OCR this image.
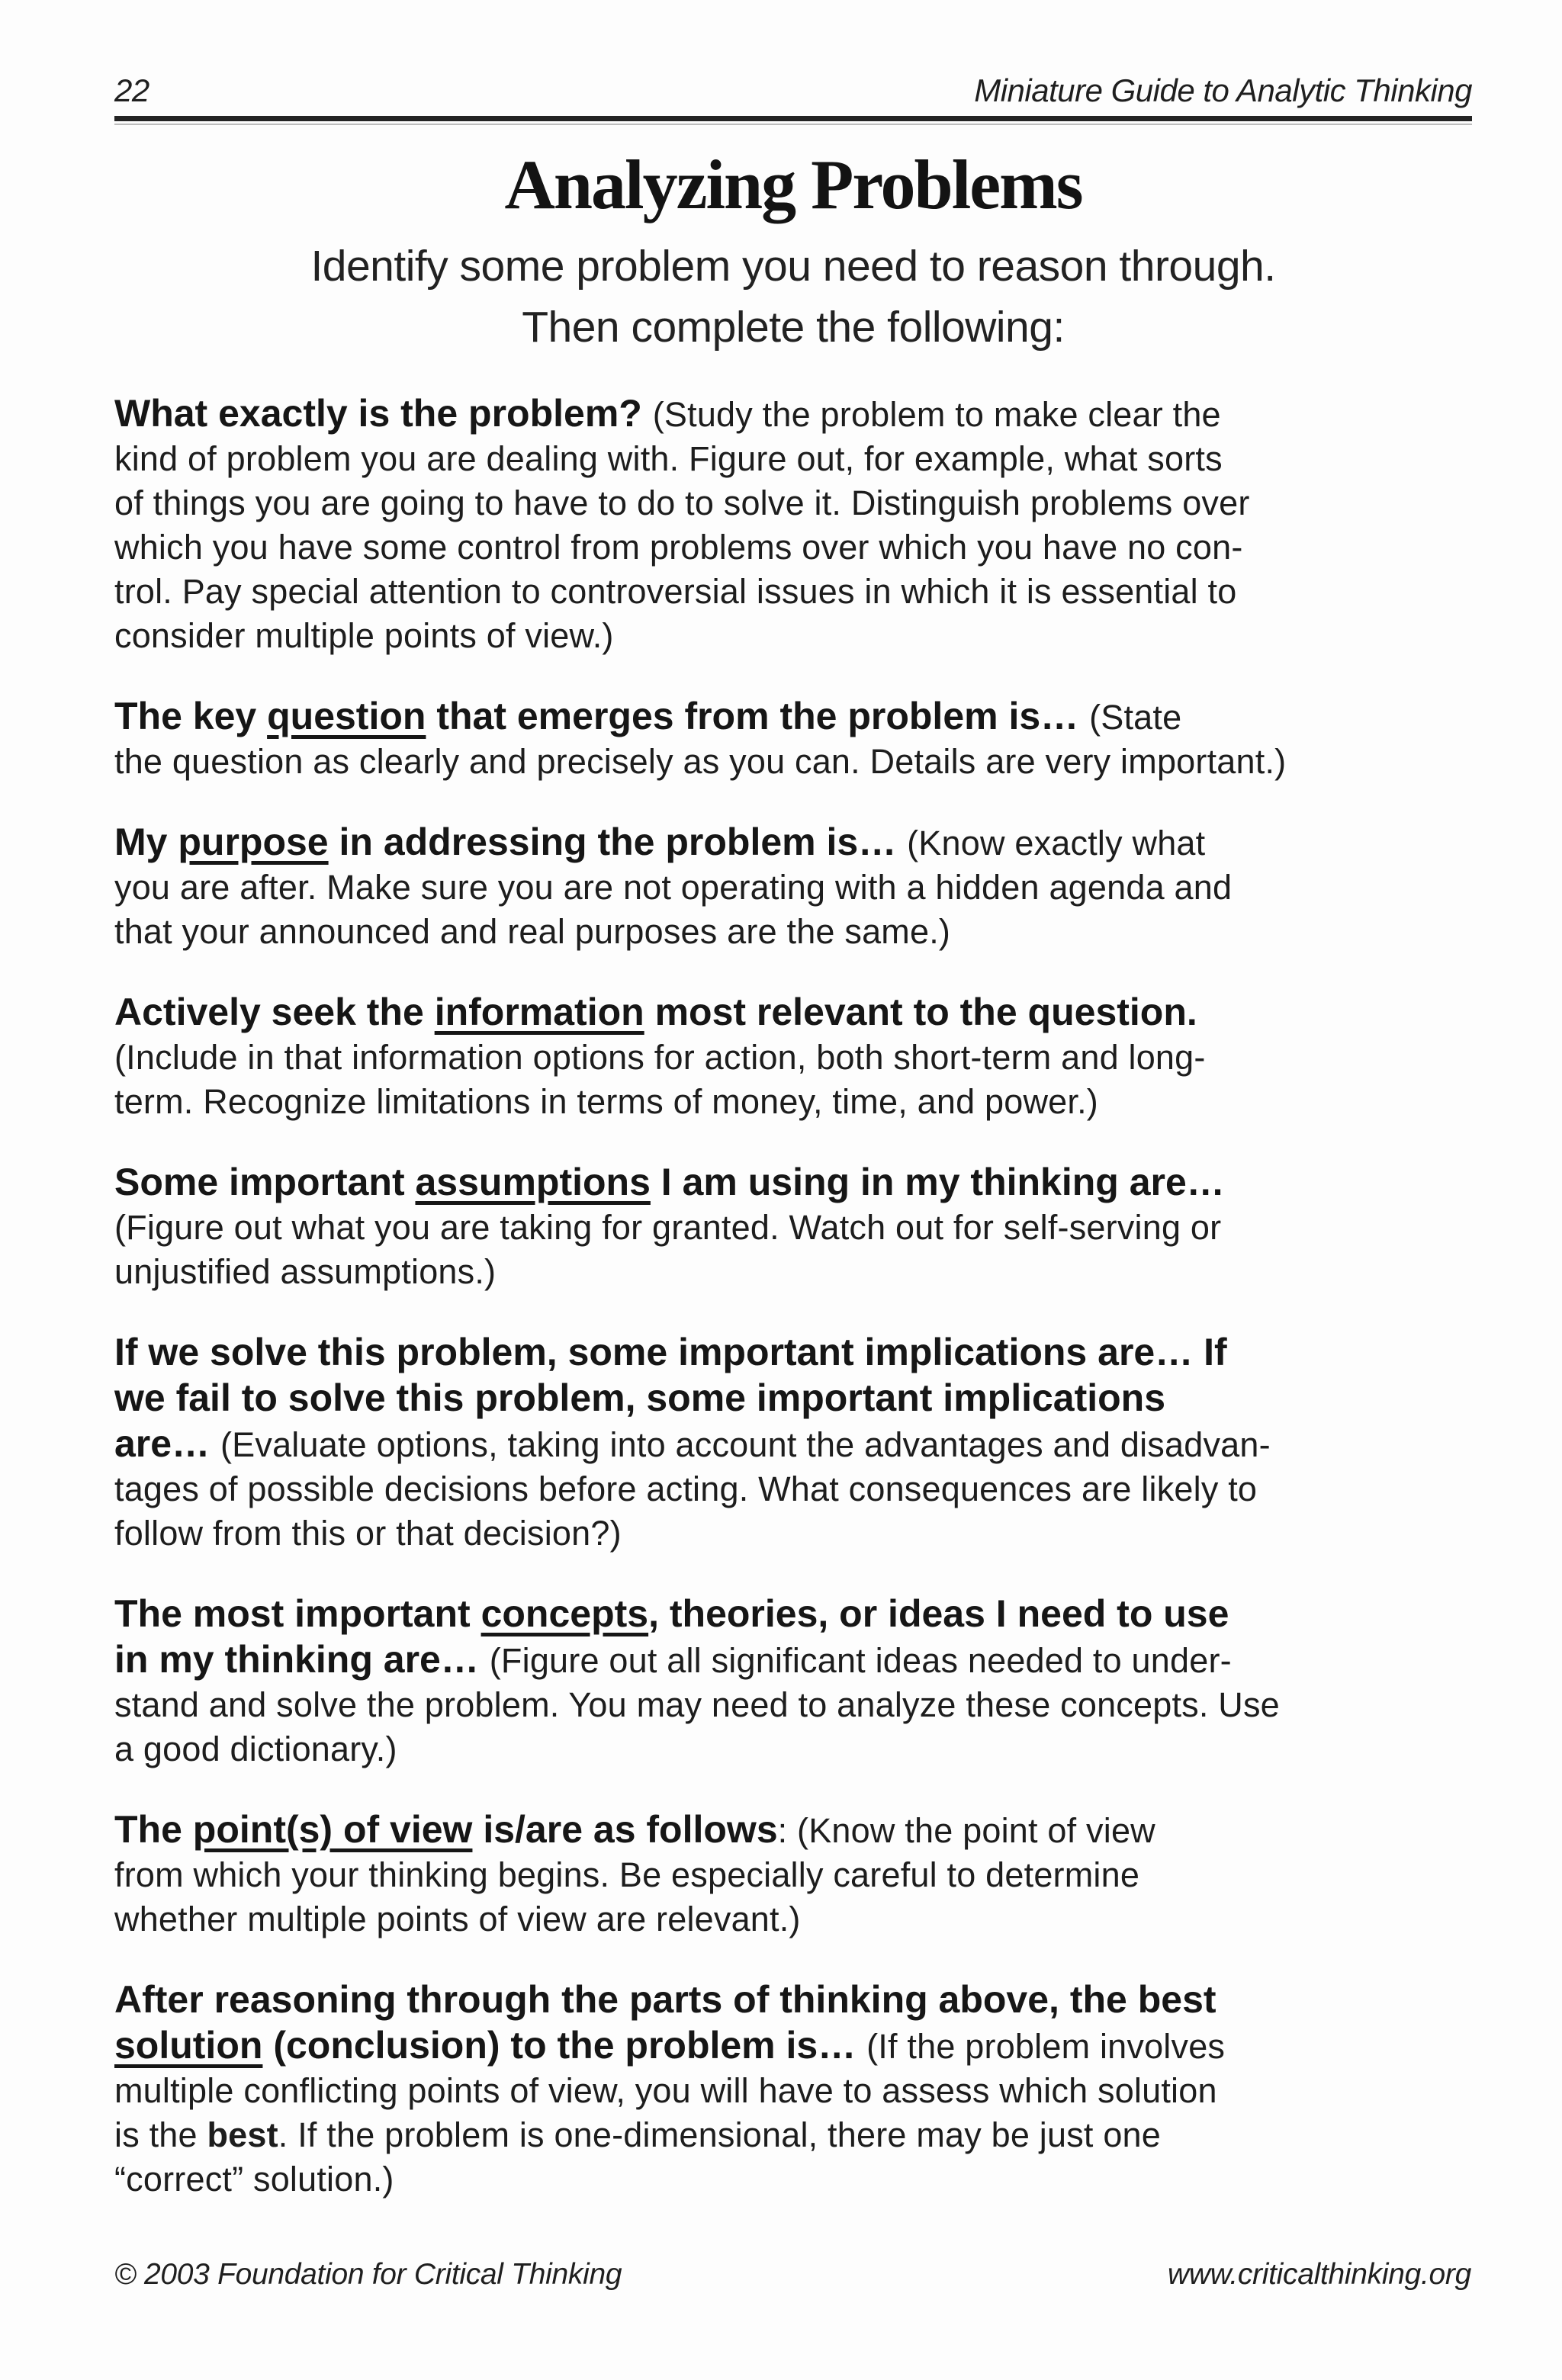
22	Miniature Guide to Analytic Thinking
Analyzing Problems
Identify some problem you need to reason through.
Then complete the following:
What exactly is the problem? (Study the problem to make clear the
kind of problem you are dealing with. Figure out, for example, what sorts
of things you are going to have to do to solve it. Distinguish problems over
which you have some control from problems over which you have no con-
trol. Pay special attention to controversial issues in which it is essential to
consider multiple points of view.)
The key question that emerges from the problem is… (State
the question as clearly and precisely as you can. Details are very important.)
My purpose in addressing the problem is… (Know exactly what
you are after. Make sure you are not operating with a hidden agenda and
that your announced and real purposes are the same.)
Actively seek the information most relevant to the question.
(Include in that information options for action, both short-term and long-
term. Recognize limitations in terms of money, time, and power.)
Some important assumptions I am using in my thinking are…
(Figure out what you are taking for granted. Watch out for self-serving or
unjustified assumptions.)
If we solve this problem, some important implications are… If
we fail to solve this problem, some important implications
are… (Evaluate options, taking into account the advantages and disadvan-
tages of possible decisions before acting. What consequences are likely to
follow from this or that decision?)
The most important concepts, theories, or ideas I need to use
in my thinking are… (Figure out all significant ideas needed to under-
stand and solve the problem. You may need to analyze these concepts. Use
a good dictionary.)
The point(s) of view is/are as follows: (Know the point of view
from which your thinking begins. Be especially careful to determine
whether multiple points of view are relevant.)
After reasoning through the parts of thinking above, the best
solution (conclusion) to the problem is… (If the problem involves
multiple conflicting points of view, you will have to assess which solution
is the best. If the problem is one-dimensional, there may be just one
“correct” solution.)
© 2003 Foundation for Critical Thinking	www.criticalthinking.org
